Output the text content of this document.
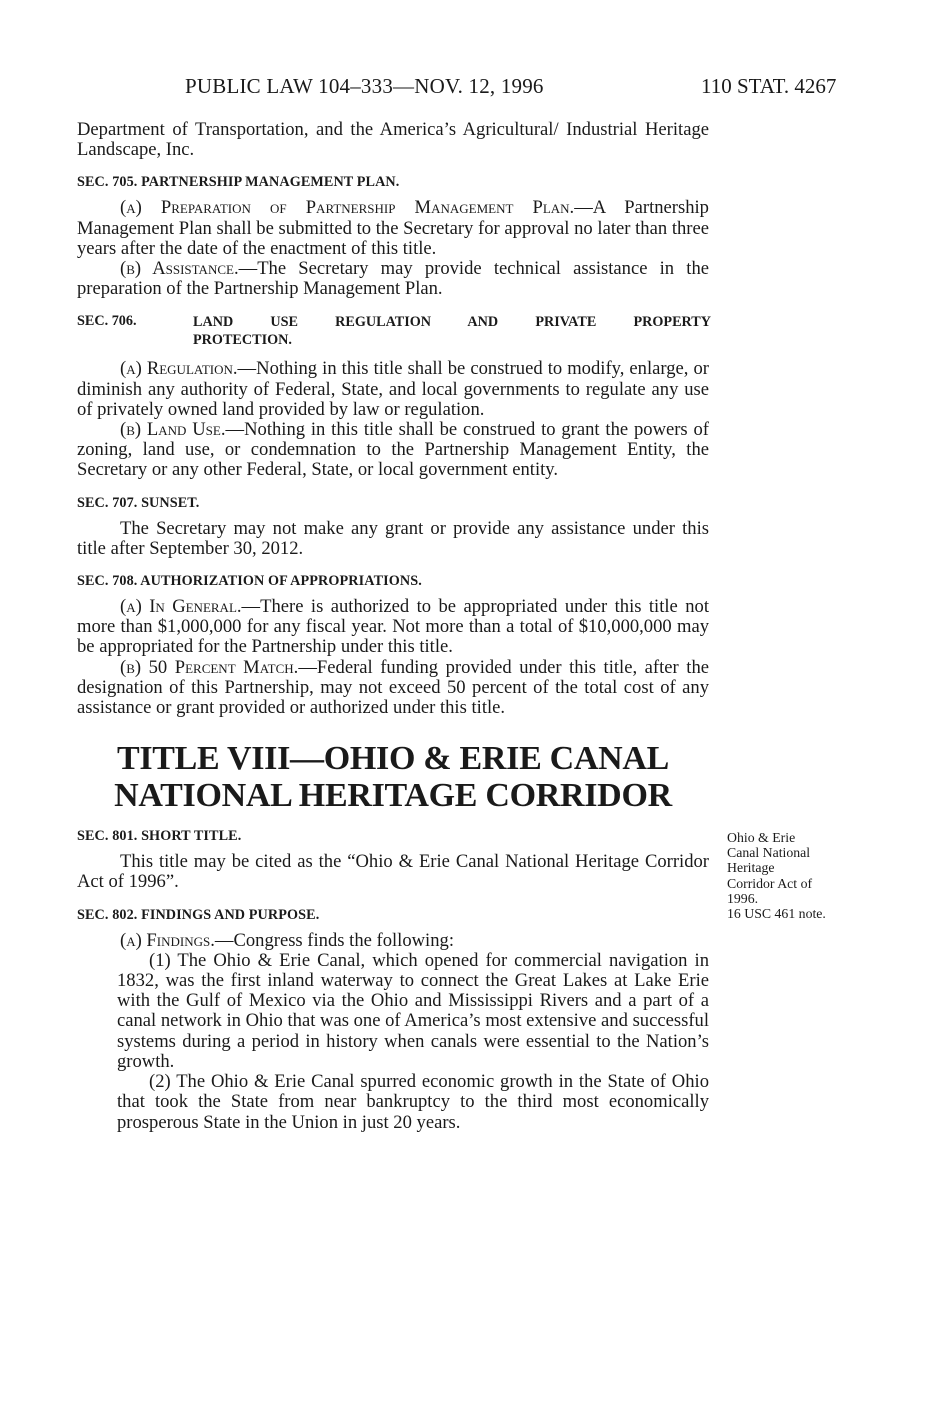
PUBLIC LAW 104–333—NOV. 12, 1996	110 STAT. 4267

Department of Transportation, and the America’s Agricultural/ Industrial Heritage Landscape, Inc.

SEC. 705. PARTNERSHIP MANAGEMENT PLAN.

(a) Preparation of Partnership Management Plan.—A Partnership Management Plan shall be submitted to the Secretary for approval no later than three years after the date of the enactment of this title.

(b) Assistance.—The Secretary may provide technical assistance in the preparation of the Partnership Management Plan.

SEC. 706.	LAND USE REGULATION AND PRIVATE PROPERTY
PROTECTION.

(a) Regulation.—Nothing in this title shall be construed to modify, enlarge, or diminish any authority of Federal, State, and local governments to regulate any use of privately owned land provided by law or regulation.

(b) Land Use.—Nothing in this title shall be construed to grant the powers of zoning, land use, or condemnation to the Partnership Management Entity, the Secretary or any other Federal, State, or local government entity.

SEC. 707. SUNSET.

The Secretary may not make any grant or provide any assistance under this title after September 30, 2012.

SEC. 708. AUTHORIZATION OF APPROPRIATIONS.

(a) In General.—There is authorized to be appropriated under this title not more than $1,000,000 for any fiscal year. Not more than a total of $10,000,000 may be appropriated for the Partnership under this title.

(b) 50 Percent Match.—Federal funding provided under this title, after the designation of this Partnership, may not exceed 50 percent of the total cost of any assistance or grant provided or authorized under this title.

TITLE VIII—OHIO & ERIE CANAL
NATIONAL HERITAGE CORRIDOR
SEC. 801. SHORT TITLE.

This title may be cited as the “Ohio & Erie Canal National Heritage Corridor Act of 1996”.

SEC. 802. FINDINGS AND PURPOSE.

(a) Findings.—Congress finds the following:

(1) The Ohio & Erie Canal, which opened for commercial navigation in 1832, was the first inland waterway to connect the Great Lakes at Lake Erie with the Gulf of Mexico via the Ohio and Mississippi Rivers and a part of a canal network in Ohio that was one of America’s most extensive and successful systems during a period in history when canals were essential to the Nation’s growth.

(2) The Ohio & Erie Canal spurred economic growth in the State of Ohio that took the State from near bankruptcy to the third most economically prosperous State in the Union in just 20 years.

Ohio & Erie
Canal National
Heritage
Corridor Act of
1996.
16 USC 461 note.
